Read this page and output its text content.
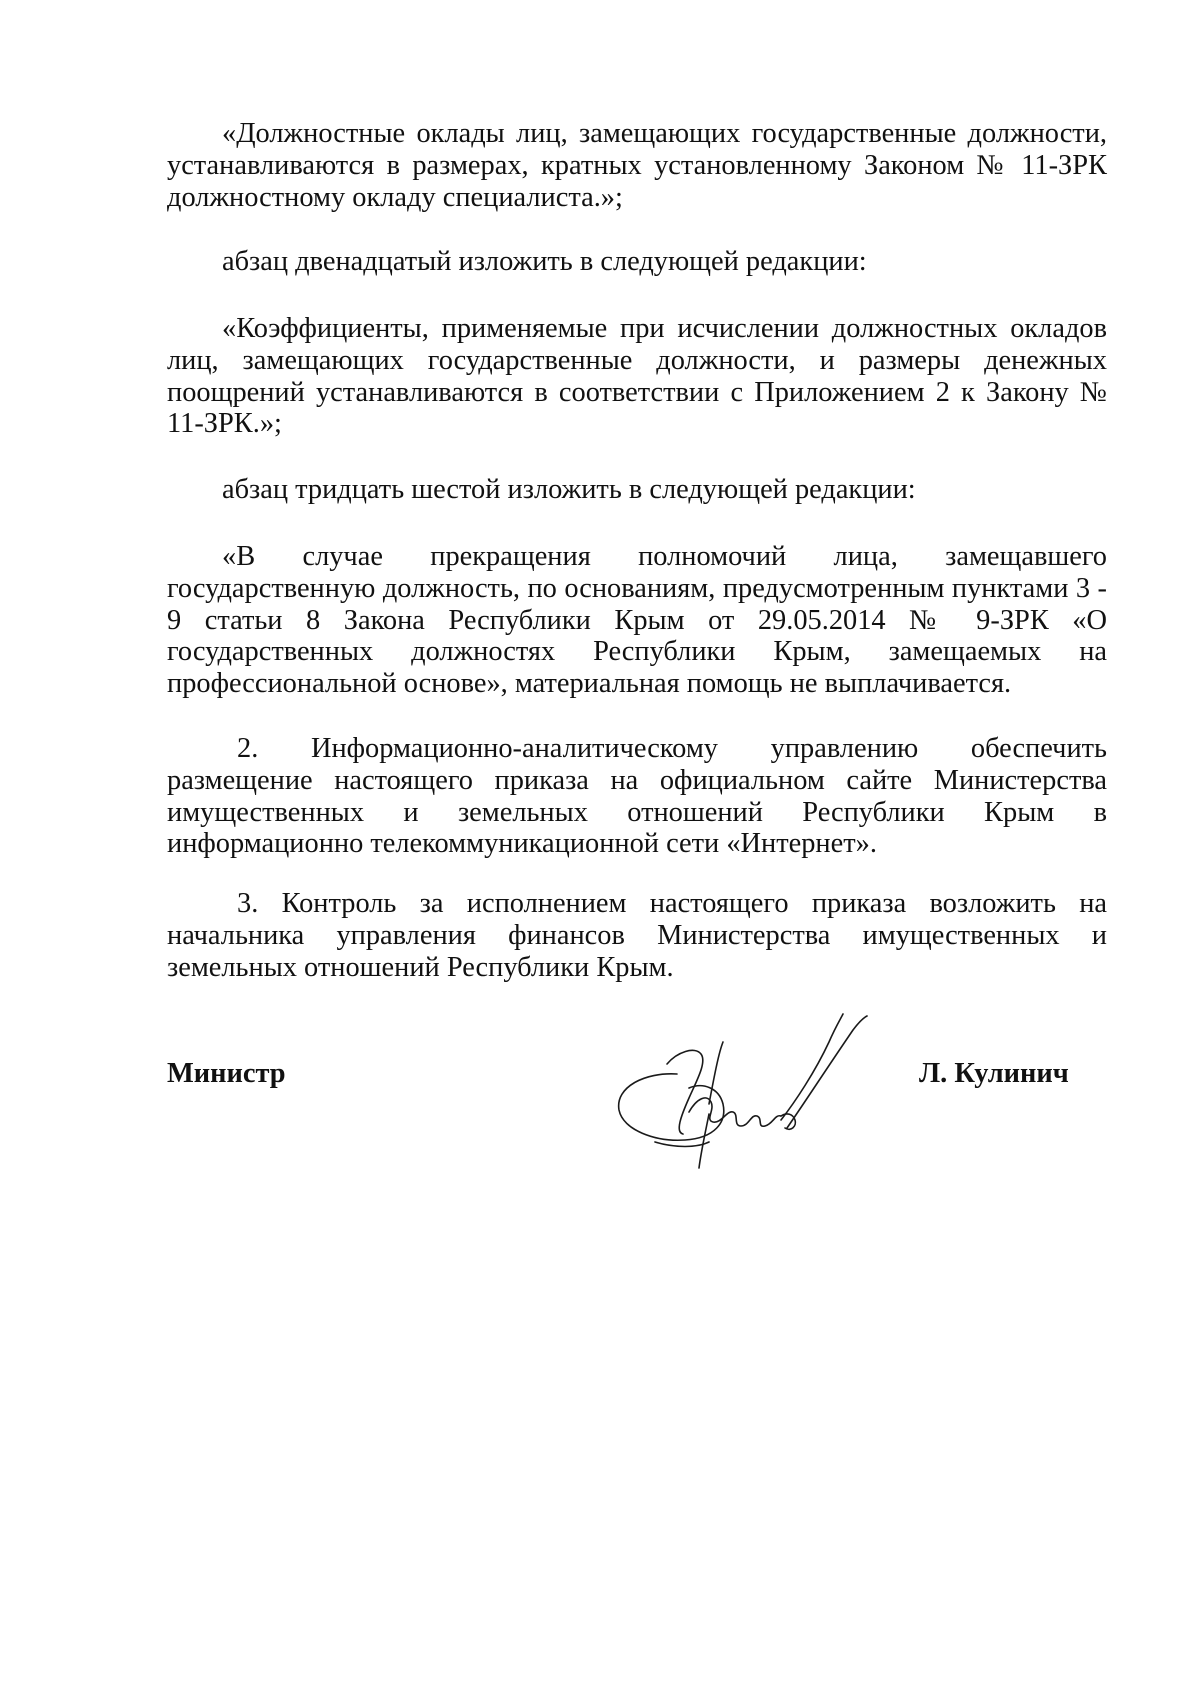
«Должностные оклады лиц, замещающих государственные должности, устанавливаются в размерах, кратных установленному Законом № 11-ЗРК должностному окладу специалиста.»;

абзац двенадцатый изложить в следующей редакции:

«Коэффициенты, применяемые при исчислении должностных окладов лиц, замещающих государственные должности, и размеры денежных поощрений устанавливаются в соответствии с Приложением 2 к Закону № 11-ЗРК.»;

абзац тридцать шестой изложить в следующей редакции:

«В случае прекращения полномочий лица, замещавшего государственную должность, по основаниям, предусмотренным пунктами 3 - 9 статьи 8 Закона Республики Крым от 29.05.2014 № 9-ЗРК «О государственных должностях Республики Крым, замещаемых на профессиональной основе», материальная помощь не выплачивается.

2. Информационно-аналитическому управлению обеспечить размещение настоящего приказа на официальном сайте Министерства имущественных и земельных отношений Республики Крым в информационно телекоммуникационной сети «Интернет».

3. Контроль за исполнением настоящего приказа возложить на начальника управления финансов Министерства имущественных и земельных отношений Республики Крым.

Министр	Л. Кулинич
